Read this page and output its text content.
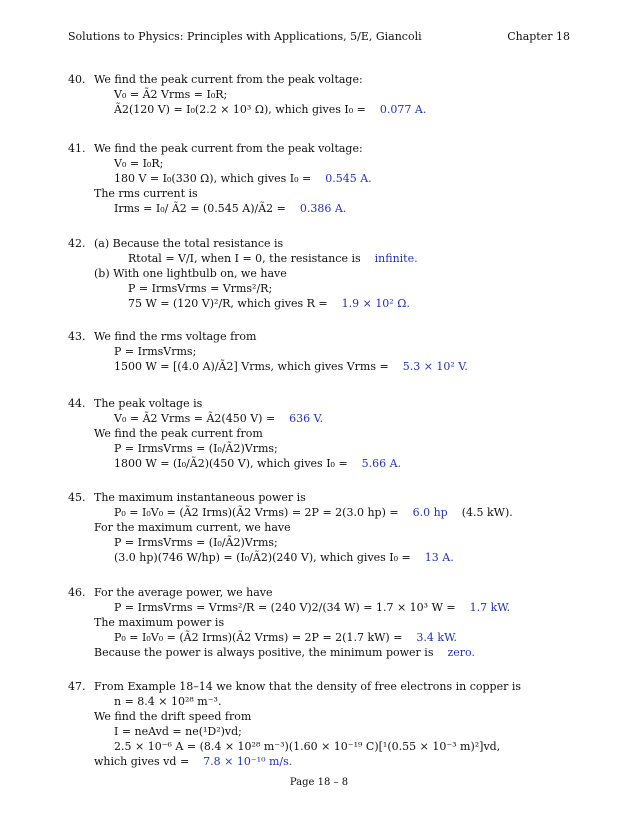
Solutions to Physics: Principles with Applications, 5/E, Giancoli	Chapter 18
40. We find the peak current from the peak voltage:
V₀ = Ã2 Vrms = I₀R;
Ã2(120 V) = I₀(2.2 × 10³ Ω), which gives I₀ = 0.077 A.
41. We find the peak current from the peak voltage:
V₀ = I₀R;
180 V = I₀(330 Ω), which gives I₀ = 0.545 A.
The rms current is
Irms = I₀/ Ã2 = (0.545 A)/Ã2 = 0.386 A.
42. (a) Because the total resistance is
Rtotal = V/I, when I = 0, the resistance is infinite.
(b) With one lightbulb on, we have
P = IrmsVrms = Vrms²/R;
75 W = (120 V)²/R, which gives R = 1.9 × 10² Ω.
43. We find the rms voltage from
P = IrmsVrms;
1500 W = [(4.0 A)/Ã2] Vrms, which gives Vrms = 5.3 × 10² V.
44. The peak voltage is
V₀ = Ã2 Vrms = Ã2(450 V) = 636 V.
We find the peak current from
P = IrmsVrms = (I₀/Ã2)Vrms;
1800 W = (I₀/Ã2)(450 V), which gives I₀ = 5.66 A.
45. The maximum instantaneous power is
P₀ = I₀V₀ = (Ã2 Irms)(Ã2 Vrms) = 2P = 2(3.0 hp) = 6.0 hp (4.5 kW).
For the maximum current, we have
P = IrmsVrms = (I₀/Ã2)Vrms;
(3.0 hp)(746 W/hp) = (I₀/Ã2)(240 V), which gives I₀ = 13 A.
46. For the average power, we have
P = IrmsVrms = Vrms²/R = (240 V)2/(34 W) = 1.7 × 10³ W = 1.7 kW.
The maximum power is
P₀ = I₀V₀ = (Ã2 Irms)(Ã2 Vrms) = 2P = 2(1.7 kW) = 3.4 kW.
Because the power is always positive, the minimum power is zero.
47. From Example 18–14 we know that the density of free electrons in copper is
n = 8.4 × 10²⁸ m⁻³.
We find the drift speed from
I = neAvd = ne(¹D²)vd;
2.5 × 10⁻⁶ A = (8.4 × 10²⁸ m⁻³)(1.60 × 10⁻¹⁹ C)[¹(0.55 × 10⁻³ m)²]vd,
which gives vd = 7.8 × 10⁻¹⁰ m/s.
Page 18 – 8
